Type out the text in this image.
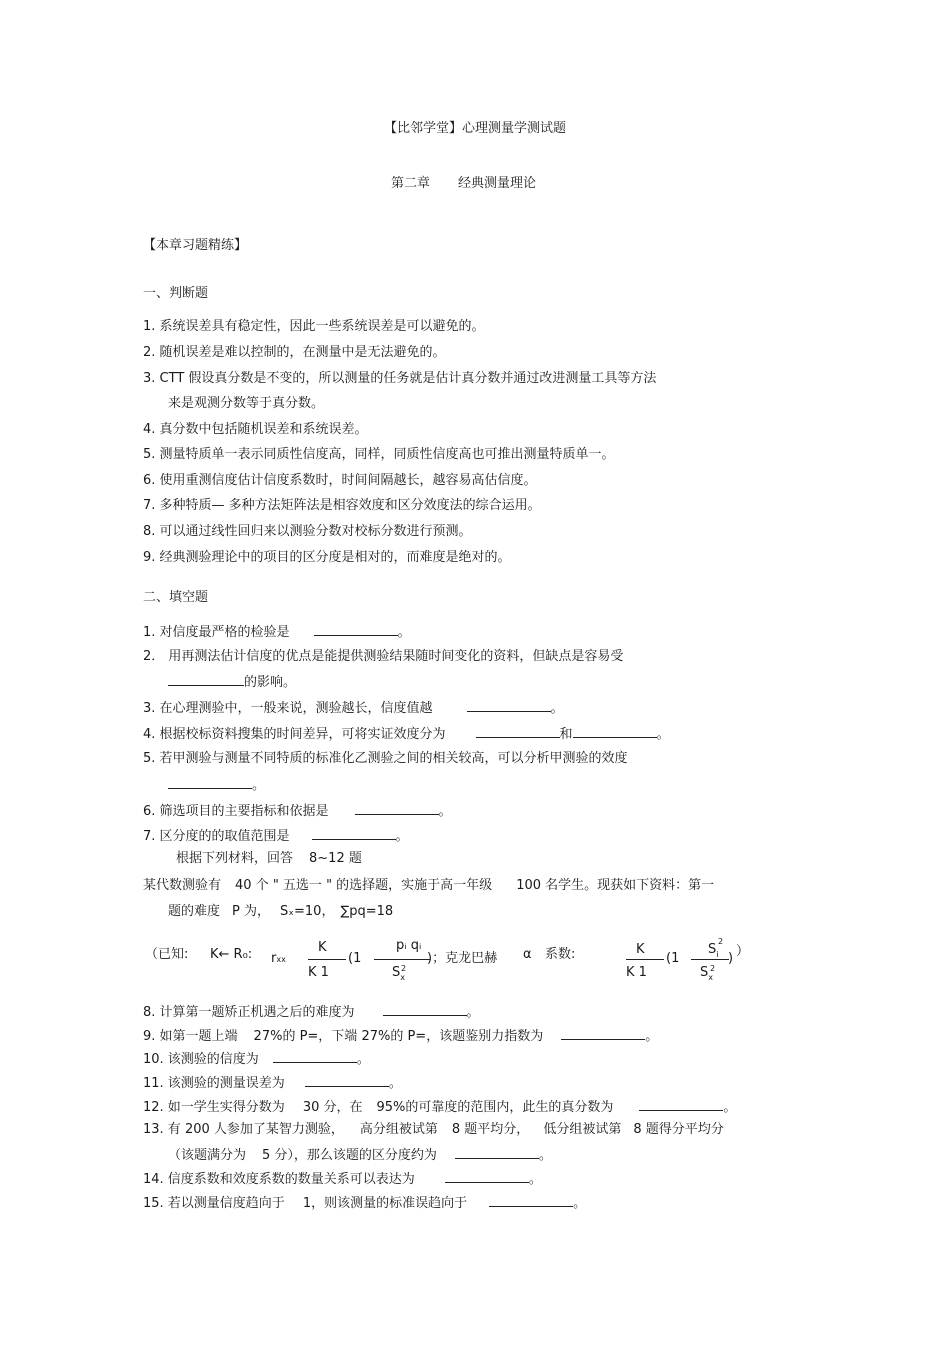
【比邻学堂】心理测量学测试题
第二章 经典测量理论
【本章习题精练】
一、判断题
1. 系统误差具有稳定性，因此一些系统误差是可以避免的。
2. 随机误差是难以控制的，在测量中是无法避免的。
3. CTT 假设真分数是不变的，所以测量的任务就是估计真分数并通过改进测量工具等方法
来是观测分数等于真分数。
4. 真分数中包括随机误差和系统误差。
5. 测量特质单一表示同质性信度高，同样，同质性信度高也可推出测量特质单一。
6. 使用重测信度估计信度系数时，时间间隔越长，越容易高估信度。
7. 多种特质— 多种方法矩阵法是相容效度和区分效度法的综合运用。
8. 可以通过线性回归来以测验分数对校标分数进行预测。
9. 经典测验理论中的项目的区分度是相对的，而难度是绝对的。
二、填空题
1. 对信度最严格的检验是	。
2． 用再测法估计信度的优点是能提供测验结果随时间变化的资料，但缺点是容易受
的影响。
3. 在心理测验中，一般来说，测验越长，信度值越	。
4. 根据校标资料搜集的时间差异，可将实证效度分为	和	。
5. 若甲测验与测量不同特质的标准化乙测验之间的相关较高，可以分析甲测验的效度
。
6. 筛选项目的主要指标和依据是	。
7. 区分度的的取值范围是	。
根据下列材料，回答 8~12 题
某代数测验有 40 个 " 五选一 " 的选择题，实施于高一年级 100 名学生。现获如下资料：第一
题的难度 P 为， Sₓ=10， ∑pq=18
（已知: K← R₀: rxx
K
K 1
(1
pᵢ qᵢ
$S_x$
2
)；克龙巴赫 α 系数:	K
K 1
(1
$S_i$
2
$S_x$
2
) ）
8. 计算第一题矫正机遇之后的难度为	。
9. 如第一题上端 27%的 P=，下端 27%的 P=，该题鉴别力指数为	。
10. 该测验的信度为	。
11. 该测验的测量误差为	。
12. 如一学生实得分数为 30 分，在 95%的可靠度的范围内，此生的真分数为	。
13. 有 200 人参加了某智力测验， 高分组被试第 8 题平均分， 低分组被试第 8 题得分平均分
（该题满分为 5 分），那么该题的区分度约为	。
14. 信度系数和效度系数的数量关系可以表达为	。
15. 若以测量信度趋向于 1，则该测量的标准误趋向于	。
